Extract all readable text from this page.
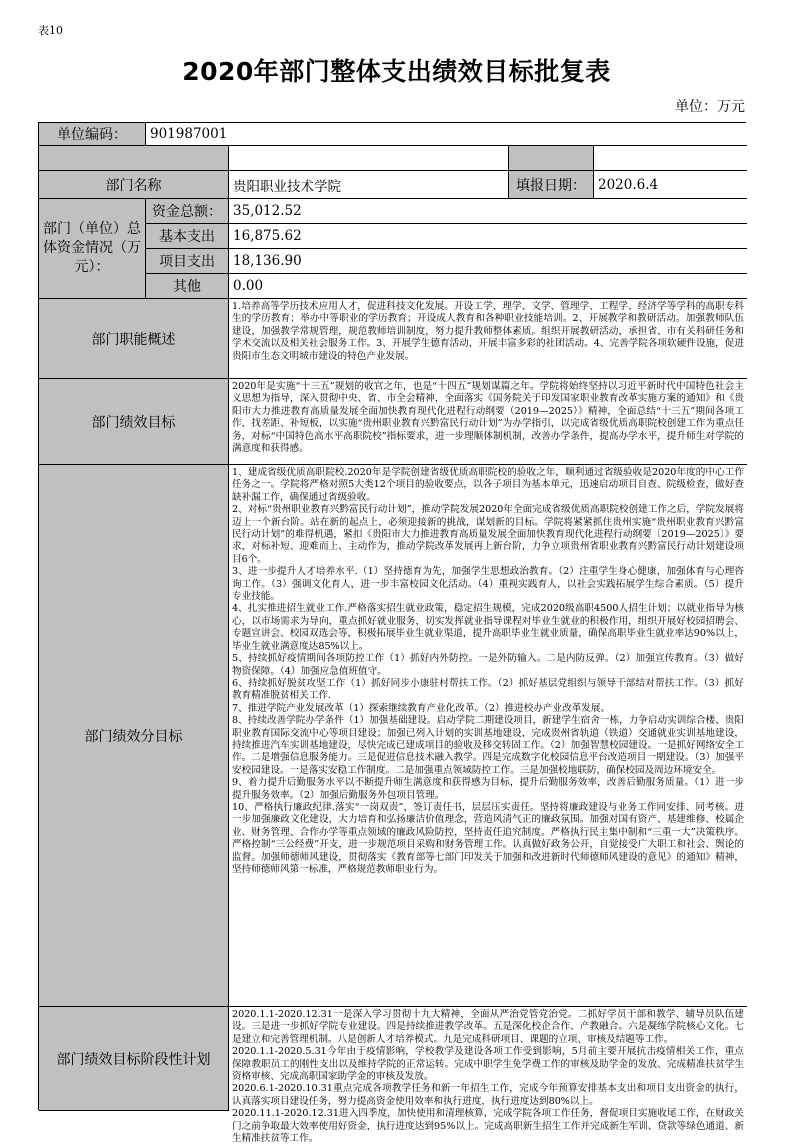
表10
2020年部门整体支出绩效目标批复表
单位：万元
单位编码：	901987001
部门名称	贵阳职业技术学院	填报日期： 2020.6.4
部门（单位）总体资金情况（万元）：
资金总额： 35,012.52
基本支出	16,875.62
项目支出	18,136.90
其他	0.00
部门职能概述
1.培养高等学历技术应用人才，促进科技文化发展。开设工学、理学、文学、管理学、工程学、经济学等学科的高职专科生的学历教育；举办中等职业的学历教育；开设成人教育和各种职业技能培训。2、开展教学和教研活动。加强教师队伍建设，加强教学常规管理，规范教师培训制度，努力提升教师整体素质。组织开展教研活动，承担省、市有关科研任务和学术交流以及相关社会服务工作。3、开展学生德育活动，开展丰富多彩的社团活动。4、完善学院各项软硬件设施，促进贵阳市生态文明城市建设的特色产业发展。
部门绩效目标
2020年是实施“十三五”规划的收官之年，也是“十四五”规划谋篇之年。学院将始终坚持以习近平新时代中国特色社会主义思想为指导，深入贯彻中央、省、市全会精神，全面落实《国务院关于印发国家职业教育改革实施方案的通知》和《贵阳市大力推进教育高质量发展全面加快教育现代化进程行动纲要（2019—2025）》精神，全面总结“十三五”期间各项工作，找差距、补短板，以实施“贵州职业教育兴黔富民行动计划”为办学指引，以完成省级优质高职院校创建工作为重点任务，对标“中国特色高水平高职院校”指标要求，进一步理顺体制机制，改善办学条件，提高办学水平，提升师生对学院的满意度和获得感。
部门绩效分目标

1、建成省级优质高职院校.2020年是学院创建省级优质高职院校的验收之年，顺利通过省级验收是2020年度的中心工作任务之一。学院将严格对照5大类12个项目的验收要点，以各子项目为基本单元，迅速启动项目自查、院级检查，做好查缺补漏工作，确保通过省级验收。

2、对标“贵州职业教育兴黔富民行动计划”，推动学院发展2020年全面完成省级优质高职院校创建工作之后，学院发展将迈上一个新台阶。站在新的起点上，必须迎接新的挑战，谋划新的目标。学院将紧紧抓住贵州实施“贵州职业教育兴黔富民行动计划”的难得机遇，紧扣《贵阳市大力推进教育高质量发展全面加快教育现代化进程行动纲要〔2019—2025〕》要求，对标补短、迎难而上、主动作为，推动学院改革发展再上新台阶，力争立项贵州省职业教育兴黔富民行动计划建设项目6个。

3、进一步提升人才培养水平.（1）坚持德育为先，加强学生思想政治教育。（2）注重学生身心健康，加强体育与心理咨询工作。（3）强调文化育人，进一步丰富校园文化活动。（4）重视实践育人，以社会实践拓展学生综合素质。（5）提升专业技能。

4、扎实推进招生就业工作.严格落实招生就业政策，稳定招生规模，完成2020级高职4500人招生计划；以就业指导为核心，以市场需求为导向，重点抓好就业服务，切实发挥就业指导课程对毕业生就业的积极作用，组织开展好校园招聘会、专题宣讲会、校园双选会等，积极拓展毕业生就业渠道，提升高职毕业生就业质量，确保高职毕业生就业率达90%以上，毕业生就业满意度达85%以上。

5、持续抓好疫情期间各项防控工作（1）抓好内外防控。一是外防输入。二是内防反弹。（2）加强宣传教育。（3）做好物资保障。（4）加强应急值班值守。

6、持续抓好脱贫攻坚工作（1）抓好同步小康驻村帮扶工作。（2）抓好基层党组织与领导干部结对帮扶工作。（3）抓好教育精准脱贫相关工作.

7、推进学院产业发展改革（1）探索继续教育产业化改革。（2）推进校办产业改革发展。

8、持续改善学院办学条件（1）加强基础建设。启动学院二期建设项目，新建学生宿舍一栋，力争启动实训综合楼、贵阳职业教育国际交流中心等项目建设；加强已列入计划的实训基地建设，完成贵州省轨道（铁道）交通就业实训基地建设，持续推进汽车实训基地建设，尽快完成已建成项目的验收及移交转固工作。（2）加强智慧校园建设。一是抓好网络安全工作。二是增强信息服务能力。三是促进信息技术融入教学。四是完成数字化校园信息平台改造项目一期建设。（3）加强平安校园建设。一是落实安稳工作制度。二是加强重点领域防控工作。三是加强校地联防，确保校园及周边环境安全。

9、着力提升后勤服务水平以不断提升师生满意度和获得感为目标，提升后勤服务效率，改善后勤服务质量。（1）进一步提升服务效率。（2）加强后勤服务外包项目管理。

10、严格执行廉政纪律.落实“一岗双责”，签订责任书，层层压实责任。坚持将廉政建设与业务工作同安排、同考核。进一步加强廉政文化建设，大力培育和弘扬廉洁价值理念，营造风清气正的廉政氛围。加强对国有资产、基建维修、校属企业、财务管理、合作办学等重点领域的廉政风险防控，坚持责任追究制度。严格执行民主集中制和“三重一大”决策秩序。严格控制“三公经费”开支，进一步规范项目采购和财务管理工作。认真做好政务公开，自觉接受广大职工和社会、舆论的监督。加强师德师风建设，贯彻落实《教育部等七部门印发关于加强和改进新时代师德师风建设的意见》的通知》精神，坚持师德师风第一标准，严格规范教师职业行为。

部门绩效目标阶段性计划

2020.1.1-2020.12.31一是深入学习贯彻十九大精神，全面从严治党管党治党。二抓好学员干部和教学、辅导员队伍建设。三是进一步抓好学院专业建设。四是持续推进教学改革。五是深化校企合作、产教融合。六是凝练学院核心文化。七是建立和完善管理机制。八是创新人才培养模式。九是完成科研项目、课题的立项、审核及结题等工作。

2020.1.1-2020.5.31今年由于疫情影响，学校教学及建设各项工作受到影响，5月前主要开展抗击疫情相关工作，重点保障教职员工的刚性支出以及维持学院的正常运转。完成中职学生免学费工作的审核及助学金的发放、完成精准扶贫学生资格审核、完成高职国家助学金的审核及发放。

2020.6.1-2020.10.31重点完成各项教学任务和新一年招生工作，完成今年预算安排基本支出和项目支出资金的执行，认真落实项目建设任务，努力提高资金使用效率和执行进度，执行进度达到80%以上。

2020.11.1-2020.12.31进入四季度，加快使用和清理核算，完成学院各项工作任务，督促项目实施收尾工作，在财政关门之前争取最大效率使用好资金，执行进度达到95%以上。完成高职新生招生工作并完成新生军训、贷款等绿色通道、新生精准扶贫等工作。
